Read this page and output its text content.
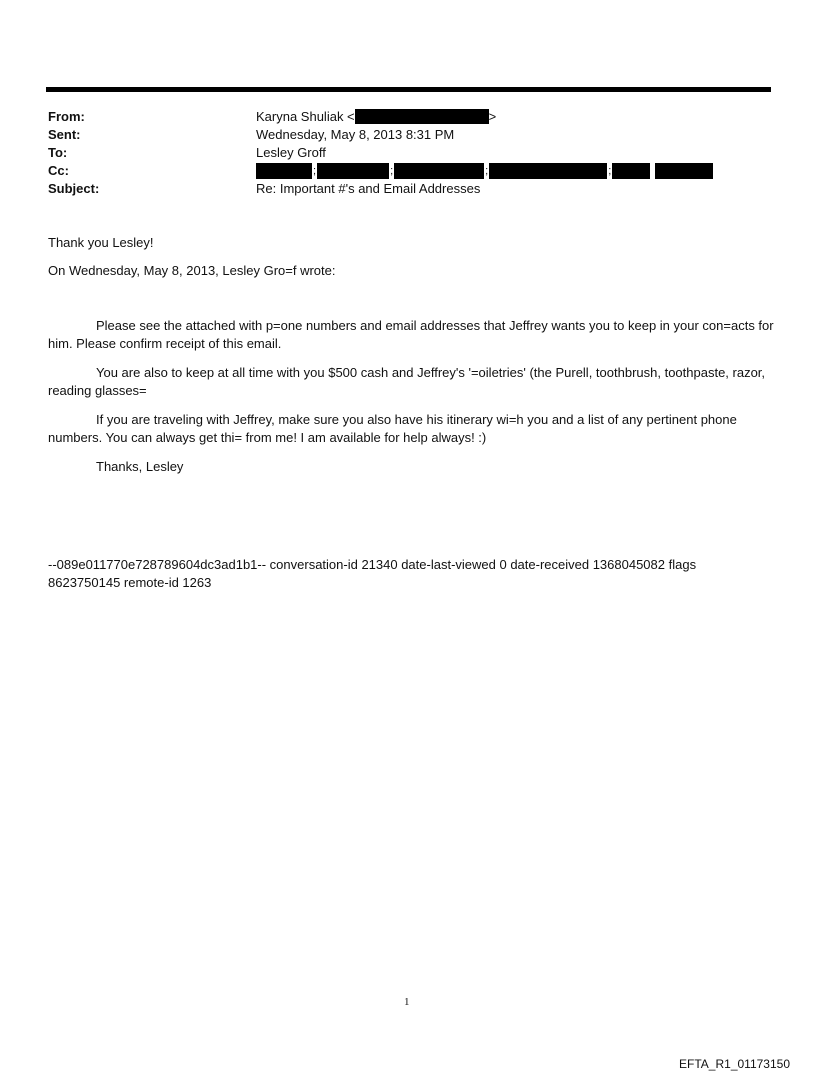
From:	Karyna Shuliak <	>
Sent:	Wednesday, May 8, 2013 8:31 PM
To:	Lesley Groff
Cc:	;	;	;	;
Subject:	Re: Important #'s and Email Addresses

Thank you Lesley!

On Wednesday, May 8, 2013, Lesley Gro=f wrote:

Please see the attached with p=one numbers and email addresses that Jeffrey wants you to keep in your con=acts for him. Please confirm receipt of this email.

You are also to keep at all time with you $500 cash and Jeffrey's '=oiletries' (the Purell, toothbrush, toothpaste, razor, reading glasses=

If you are traveling with Jeffrey, make sure you also have his itinerary wi=h you and a list of any pertinent phone numbers. You can always get thi= from me! I am available for help always! :)

Thanks, Lesley

--089e011770e728789604dc3ad1b1-- conversation-id 21340 date-last-viewed 0 date-received 1368045082 flags 8623750145 remote-id 1263
1
EFTA_R1_01173150
